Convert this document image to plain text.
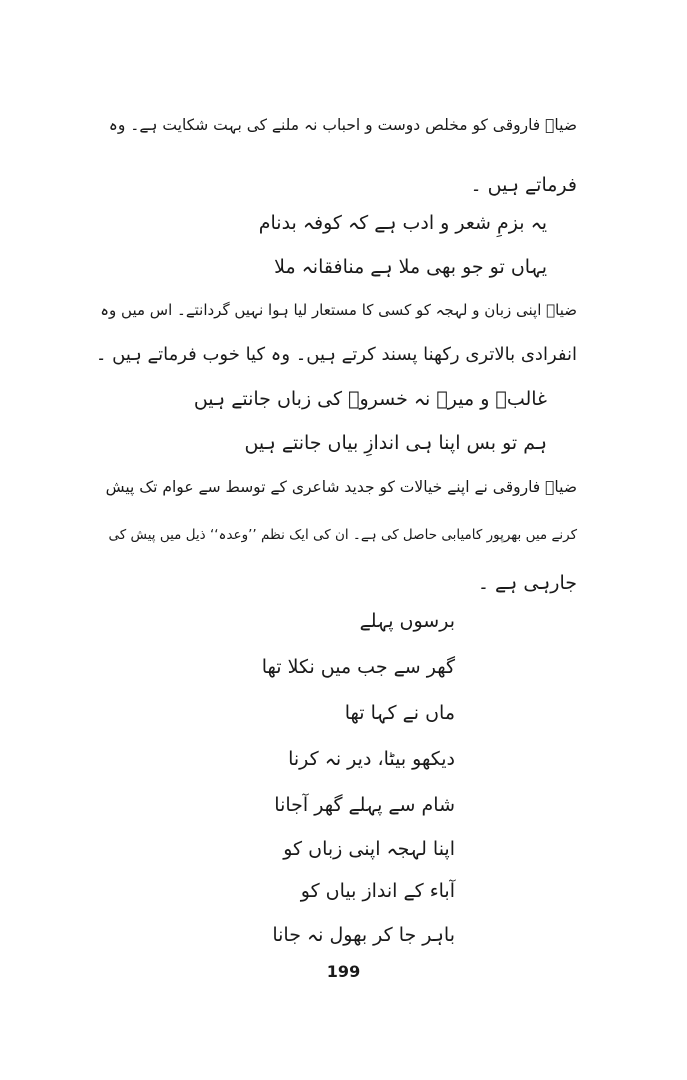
ضیاؔ فاروقی کو مخلص دوست و احباب نہ ملنے کی بہت شکایت ہے۔ وہ
فرماتے ہیں ۔
یہ بزمِ شعر و ادب ہے کہ کوفہ بدنام
یہاں تو جو بھی ملا ہے منافقانہ ملا
ضیاؔ اپنی زبان و لہجہ کو کسی کا مستعار لیا ہوا نہیں گردانتے۔ اس میں وہ
انفرادی بالاتری رکھنا پسند کرتے ہیں۔ وہ کیا خوب فرماتے ہیں ۔
غالبؔ و میرؔ نہ خسروؔ کی زباں جانتے ہیں
ہم تو بس اپنا ہی اندازِ بیاں جانتے ہیں
ضیاؔ فاروقی نے اپنے خیالات کو جدید شاعری کے توسط سے عوام تک پیش
کرنے میں بھرپور کامیابی حاصل کی ہے۔ ان کی ایک نظم ’’وعدہ‘‘ ذیل میں پیش کی
جارہی ہے ۔
برسوں پہلے
گھر سے جب میں نکلا تھا
ماں نے کہا تھا
دیکھو بیٹا، دیر نہ کرنا
شام سے پہلے گھر آجانا
اپنا لہجہ اپنی زباں کو
آباء کے انداز بیاں کو
باہر جا کر بھول نہ جانا
199
